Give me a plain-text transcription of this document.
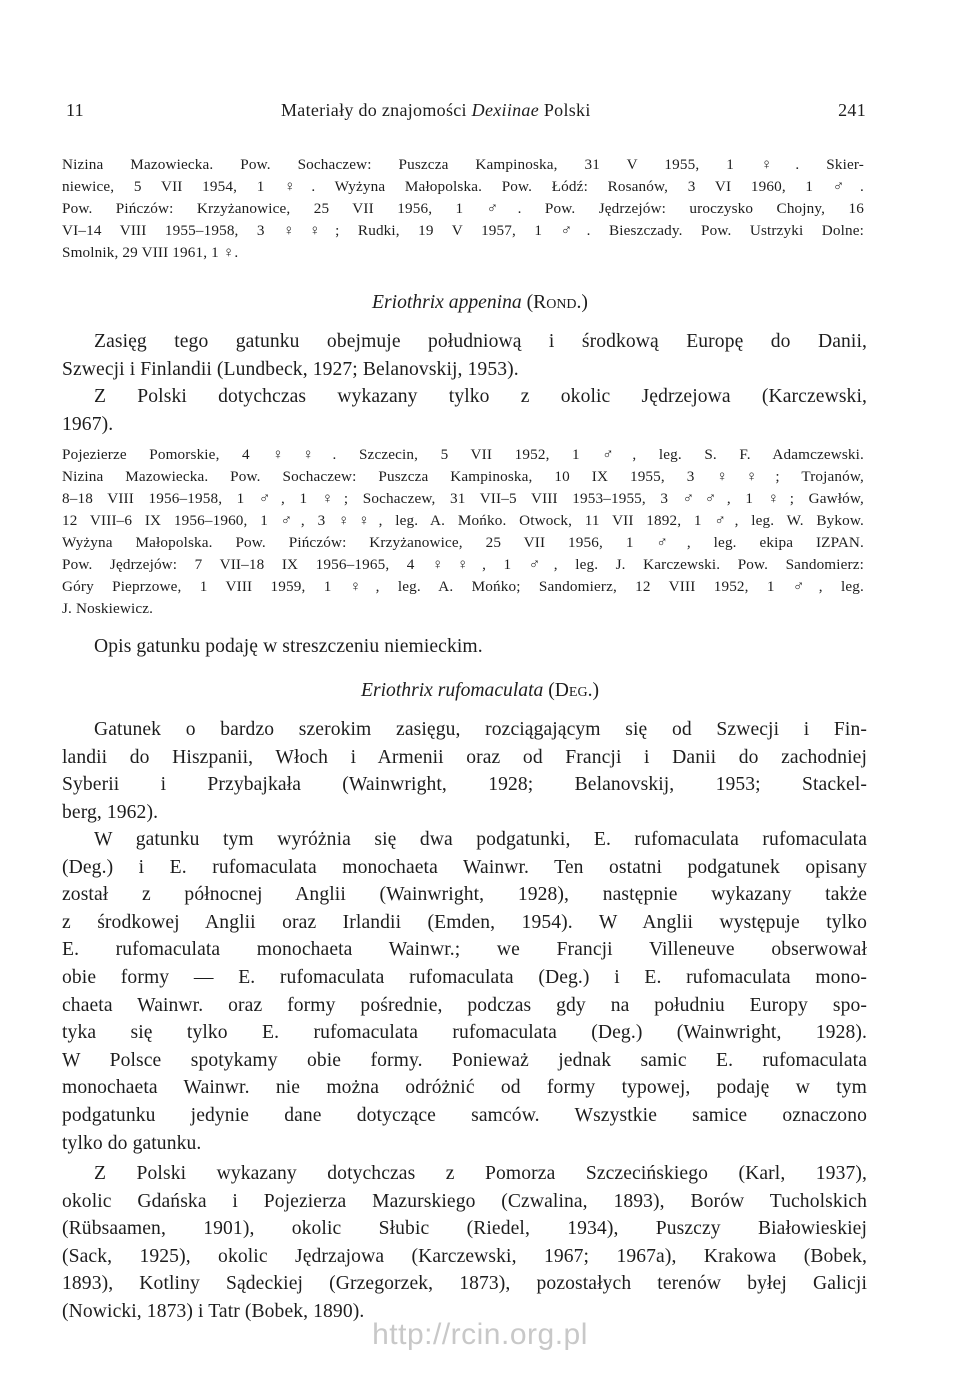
11	Materiały do znajomości Dexiinae Polski	241
Nizina Mazowiecka. Pow. Sochaczew: Puszcza Kampinoska, 31 V 1955, 1 ♀. Skier-
niewice, 5 VII 1954, 1 ♀. Wyżyna Małopolska. Pow. Łódź: Rosanów, 3 VI 1960, 1 ♂.
Pow. Pińczów: Krzyżanowice, 25 VII 1956, 1 ♂. Pow. Jędrzejów: uroczysko Chojny, 16
VI–14 VIII 1955–1958, 3 ♀♀; Rudki, 19 V 1957, 1 ♂. Bieszczady. Pow. Ustrzyki Dolne:
Smolnik, 29 VIII 1961, 1 ♀.

Eriothrix appenina (Rond.)

Zasięg tego gatunku obejmuje południową i środkową Europę do Danii,
Szwecji i Finlandii (Lundbeck, 1927; Belanovskij, 1953).
Z Polski dotychczas wykazany tylko z okolic Jędrzejowa (Karczewski,
1967).
Pojezierze Pomorskie, 4 ♀♀. Szczecin, 5 VII 1952, 1 ♂, leg. S. F. Adamczewski.
Nizina Mazowiecka. Pow. Sochaczew: Puszcza Kampinoska, 10 IX 1955, 3 ♀♀; Trojanów,
8–18 VIII 1956–1958, 1 ♂, 1 ♀; Sochaczew, 31 VII–5 VIII 1953–1955, 3 ♂♂, 1 ♀; Gawłów,
12 VIII–6 IX 1956–1960, 1 ♂, 3 ♀♀, leg. A. Mońko. Otwock, 11 VII 1892, 1 ♂, leg. W. Bykow.
Wyżyna Małopolska. Pow. Pińczów: Krzyżanowice, 25 VII 1956, 1 ♂, leg. ekipa IZPAN.
Pow. Jędrzejów: 7 VII–18 IX 1956–1965, 4 ♀♀, 1 ♂, leg. J. Karczewski. Pow. Sandomierz:
Góry Pieprzowe, 1 VIII 1959, 1 ♀, leg. A. Mońko; Sandomierz, 12 VIII 1952, 1 ♂, leg.
J. Noskiewicz.
Opis gatunku podaję w streszczeniu niemieckim.

Eriothrix rufomaculata (Deg.)

Gatunek o bardzo szerokim zasięgu, rozciągającym się od Szwecji i Fin-
landii do Hiszpanii, Włoch i Armenii oraz od Francji i Danii do zachodniej
Syberii i Przybajkała (Wainwright, 1928; Belanovskij, 1953; Stackel-
berg, 1962).
W gatunku tym wyróżnia się dwa podgatunki, E. rufomaculata rufomaculata
(Deg.) i E. rufomaculata monochaeta Wainwr. Ten ostatni podgatunek opisany
został z północnej Anglii (Wainwright, 1928), następnie wykazany także
z środkowej Anglii oraz Irlandii (Emden, 1954). W Anglii występuje tylko
E. rufomaculata monochaeta Wainwr.; we Francji Villeneuve obserwował
obie formy — E. rufomaculata rufomaculata (Deg.) i E. rufomaculata mono-
chaeta Wainwr. oraz formy pośrednie, podczas gdy na południu Europy spo-
tyka się tylko E. rufomaculata rufomaculata (Deg.) (Wainwright, 1928).
W Polsce spotykamy obie formy. Ponieważ jednak samic E. rufomaculata
monochaeta Wainwr. nie można odróżnić od formy typowej, podaję w tym
podgatunku jedynie dane dotyczące samców. Wszystkie samice oznaczono
tylko do gatunku.
Z Polski wykazany dotychczas z Pomorza Szczecińskiego (Karl, 1937),
okolic Gdańska i Pojezierza Mazurskiego (Czwalina, 1893), Borów Tucholskich
(Rübsaamen, 1901), okolic Słubic (Riedel, 1934), Puszczy Białowieskiej
(Sack, 1925), okolic Jędrzajowa (Karczewski, 1967; 1967a), Krakowa (Bobek,
1893), Kotliny Sądeckiej (Grzegorzek, 1873), pozostałych terenów byłej Galicji
(Nowicki, 1873) i Tatr (Bobek, 1890).
http://rcin.org.pl
